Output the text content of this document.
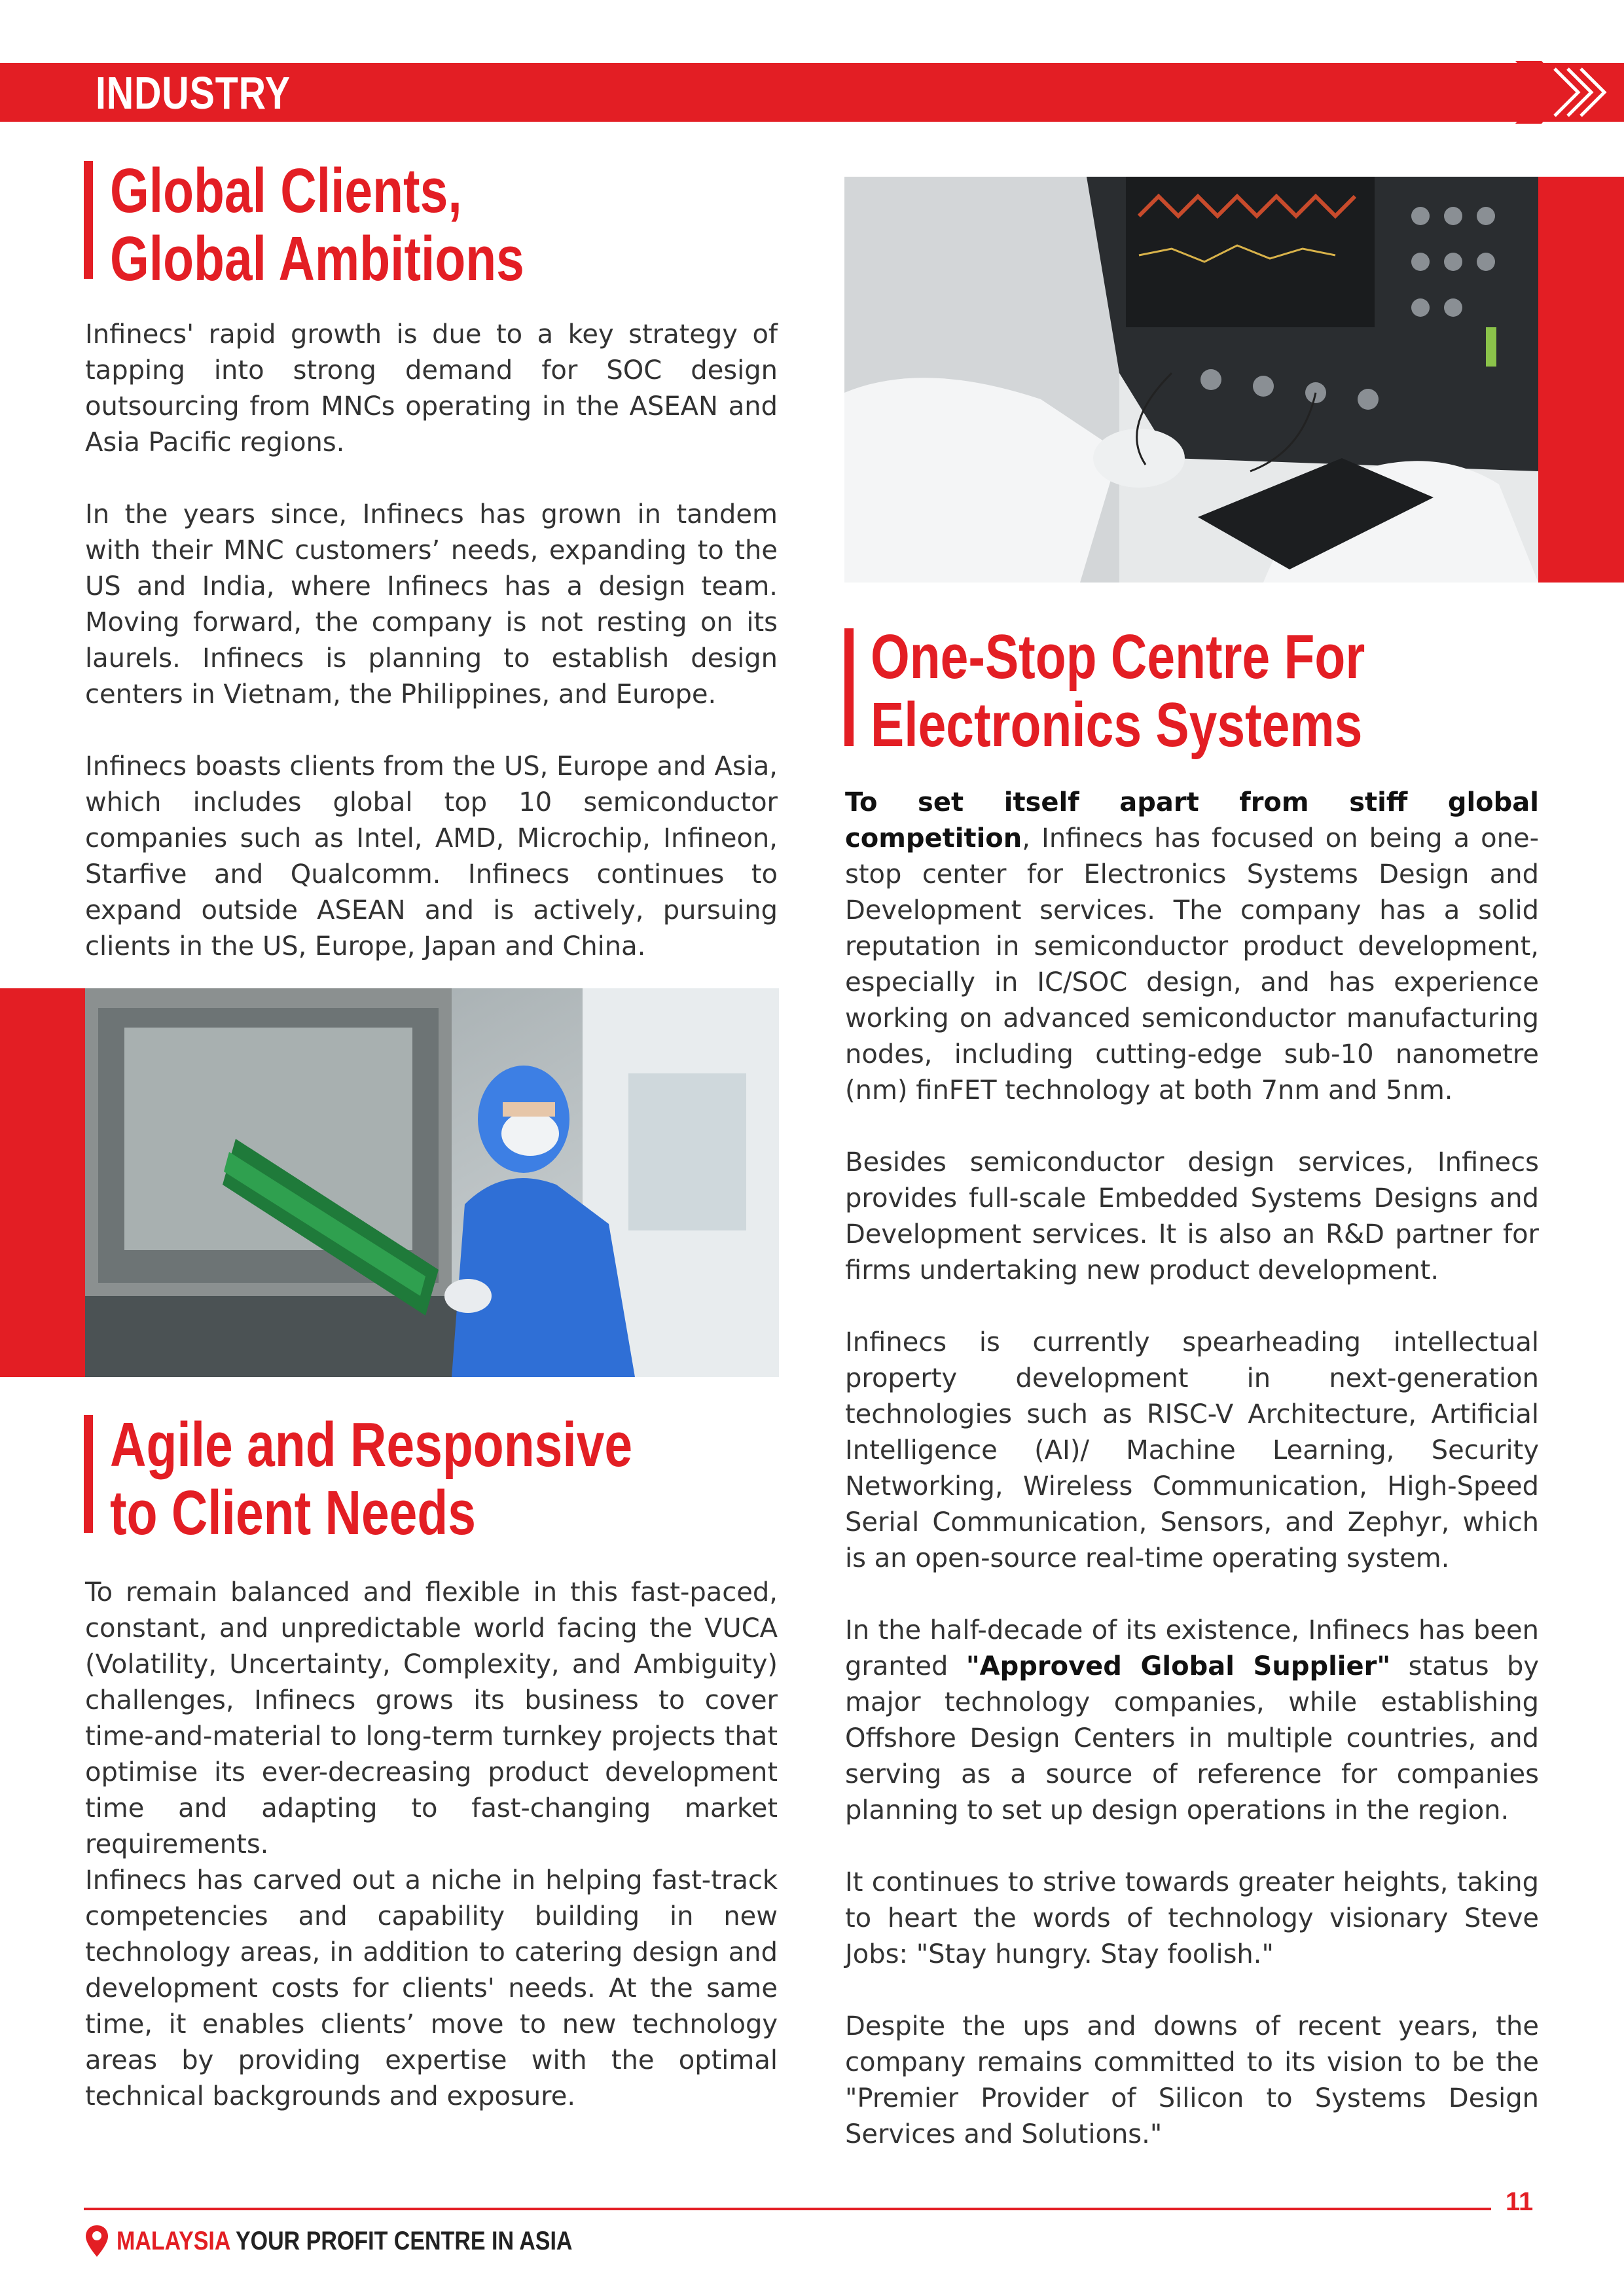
INDUSTRY
Global Clients,
Global Ambitions

Infinecs' rapid growth is due to a key strategy of tapping into strong demand for SOC design outsourcing from MNCs operating in the ASEAN and Asia Pacific regions.

In the years since, Infinecs has grown in tandem with their MNC customers’ needs, expanding to the US and India, where Infinecs has a design team. Moving forward, the company is not resting on its laurels. Infinecs is planning to establish design centers in Vietnam, the Philippines, and Europe.

Infinecs boasts clients from the US, Europe and Asia, which includes global top 10 semiconductor companies such as Intel, AMD, Microchip, Infineon, Starfive and Qualcomm. Infinecs continues to expand outside ASEAN and is actively, pursuing clients in the US, Europe, Japan and China.

Agile and Responsive
to Client Needs

To remain balanced and flexible in this fast-paced, constant, and unpredictable world facing the VUCA (Volatility, Uncertainty, Complexity, and Ambiguity) challenges, Infinecs grows its business to cover time-and-material to long-term turnkey projects that optimise its ever-decreasing product development time and adapting to fast-changing market requirements.

Infinecs has carved out a niche in helping fast-track competencies and capability building in new technology areas, in addition to catering design and development costs for clients' needs. At the same time, it enables clients’ move to new technology areas by providing expertise with the optimal technical backgrounds and exposure.

One-Stop Centre For
Electronics Systems

To set itself apart from stiff global competition, Infinecs has focused on being a one-stop center for Electronics Systems Design and Development services. The company has a solid reputation in semiconductor product development, especially in IC/SOC design, and has experience working on advanced semiconductor manufacturing nodes, including cutting-edge sub-10 nanometre (nm) finFET technology at both 7nm and 5nm.

Besides semiconductor design services, Infinecs provides full-scale Embedded Systems Designs and Development services. It is also an R&D partner for firms undertaking new product development.

Infinecs is currently spearheading intellectual property development in next-generation technologies such as RISC-V Architecture, Artificial Intelligence (AI)/ Machine Learning, Security Networking, Wireless Communication, High-Speed Serial Communication, Sensors, and Zephyr, which is an open-source real-time operating system.

In the half-decade of its existence, Infinecs has been granted "Approved Global Supplier" status by major technology companies, while establishing Offshore Design Centers in multiple countries, and serving as a source of reference for companies planning to set up design operations in the region.

It continues to strive towards greater heights, taking to heart the words of technology visionary Steve Jobs: "Stay hungry. Stay foolish."

Despite the ups and downs of recent years, the company remains committed to its vision to be the "Premier Provider of Silicon to Systems Design Services and Solutions."

11
MALAYSIA YOUR PROFIT CENTRE IN ASIA
